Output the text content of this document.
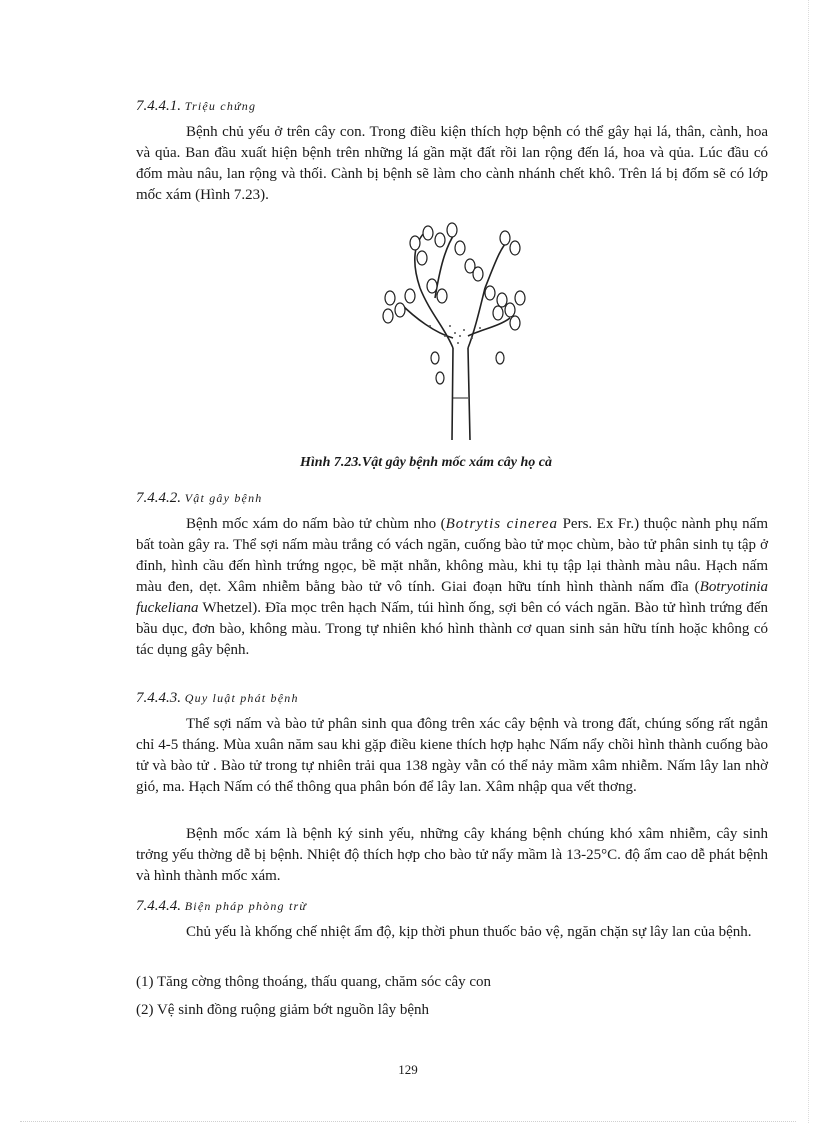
7.4.4.1. Triệu chứng

Bệnh chủ yếu ở trên cây con. Trong điều kiện thích hợp bệnh có thể gây hại lá, thân, cành, hoa và qủa. Ban đầu xuất hiện bệnh trên những lá gần mặt đất rồi lan rộng đến lá, hoa và qủa. Lúc đầu có đốm màu nâu, lan rộng và thối. Cành bị bệnh sẽ làm cho cành nhánh chết khô. Trên lá bị đốm sẽ có lớp mốc xám (Hình 7.23).

Hình 7.23.Vật gây bệnh mốc xám cây họ cà
7.4.4.2. Vật gây bệnh

Bệnh mốc xám do nấm bào tử chùm nho (Botrytis cinerea Pers. Ex Fr.) thuộc nành phụ nấm bất toàn gây ra. Thể sợi nấm màu trắng có vách ngăn, cuống bào tử mọc chùm, bào tử phân sinh tụ tập ở đỉnh, hình cầu đến hình trứng ngọc, bề mặt nhẵn, không màu, khi tụ tập lại thành màu nâu. Hạch nấm màu đen, dẹt. Xâm nhiễm bằng bào tử vô tính. Giai đoạn hữu tính hình thành nấm đĩa (Botryotinia fuckeliana Whetzel). Đĩa mọc trên hạch Nấm, túi hình ống, sợi bên có vách ngăn. Bào tử hình trứng đến bầu dục, đơn bào, không màu. Trong tự nhiên khó hình thành cơ quan sinh sản hữu tính hoặc không có tác dụng gây bệnh.

7.4.4.3. Quy luật phát bệnh

Thể sợi nấm và bào tử phân sinh qua đông trên xác cây bệnh và trong đất, chúng sống rất ngắn chỉ 4-5 tháng. Mùa xuân năm sau khi gặp điều kiene thích hợp hạhc Nấm nẩy chồi hình thành cuống bào tử và bào tử . Bào tử trong tự nhiên trải qua 138 ngày vẫn có thể nảy mầm xâm nhiễm. Nấm lây lan nhờ gió, ma. Hạch Nấm có thể thông qua phân bón để lây lan. Xâm nhập qua vết thơng.

Bệnh mốc xám là bệnh ký sinh yếu, những cây kháng bệnh chúng khó xâm nhiễm, cây sinh trởng yếu thờng dễ bị bệnh. Nhiệt độ thích hợp cho bào tử nẩy mầm là 13-25°C. độ ẩm cao dễ phát bệnh và hình thành mốc xám.

7.4.4.4. Biện pháp phòng trừ

Chủ yếu là khống chế nhiệt ẩm độ, kịp thời phun thuốc bảo vệ, ngăn chặn sự lây lan của bệnh.

(1) Tăng cờng thông thoáng, thấu quang, chăm sóc cây con

(2) Vệ sinh đồng ruộng giảm bớt nguồn lây bệnh

129
